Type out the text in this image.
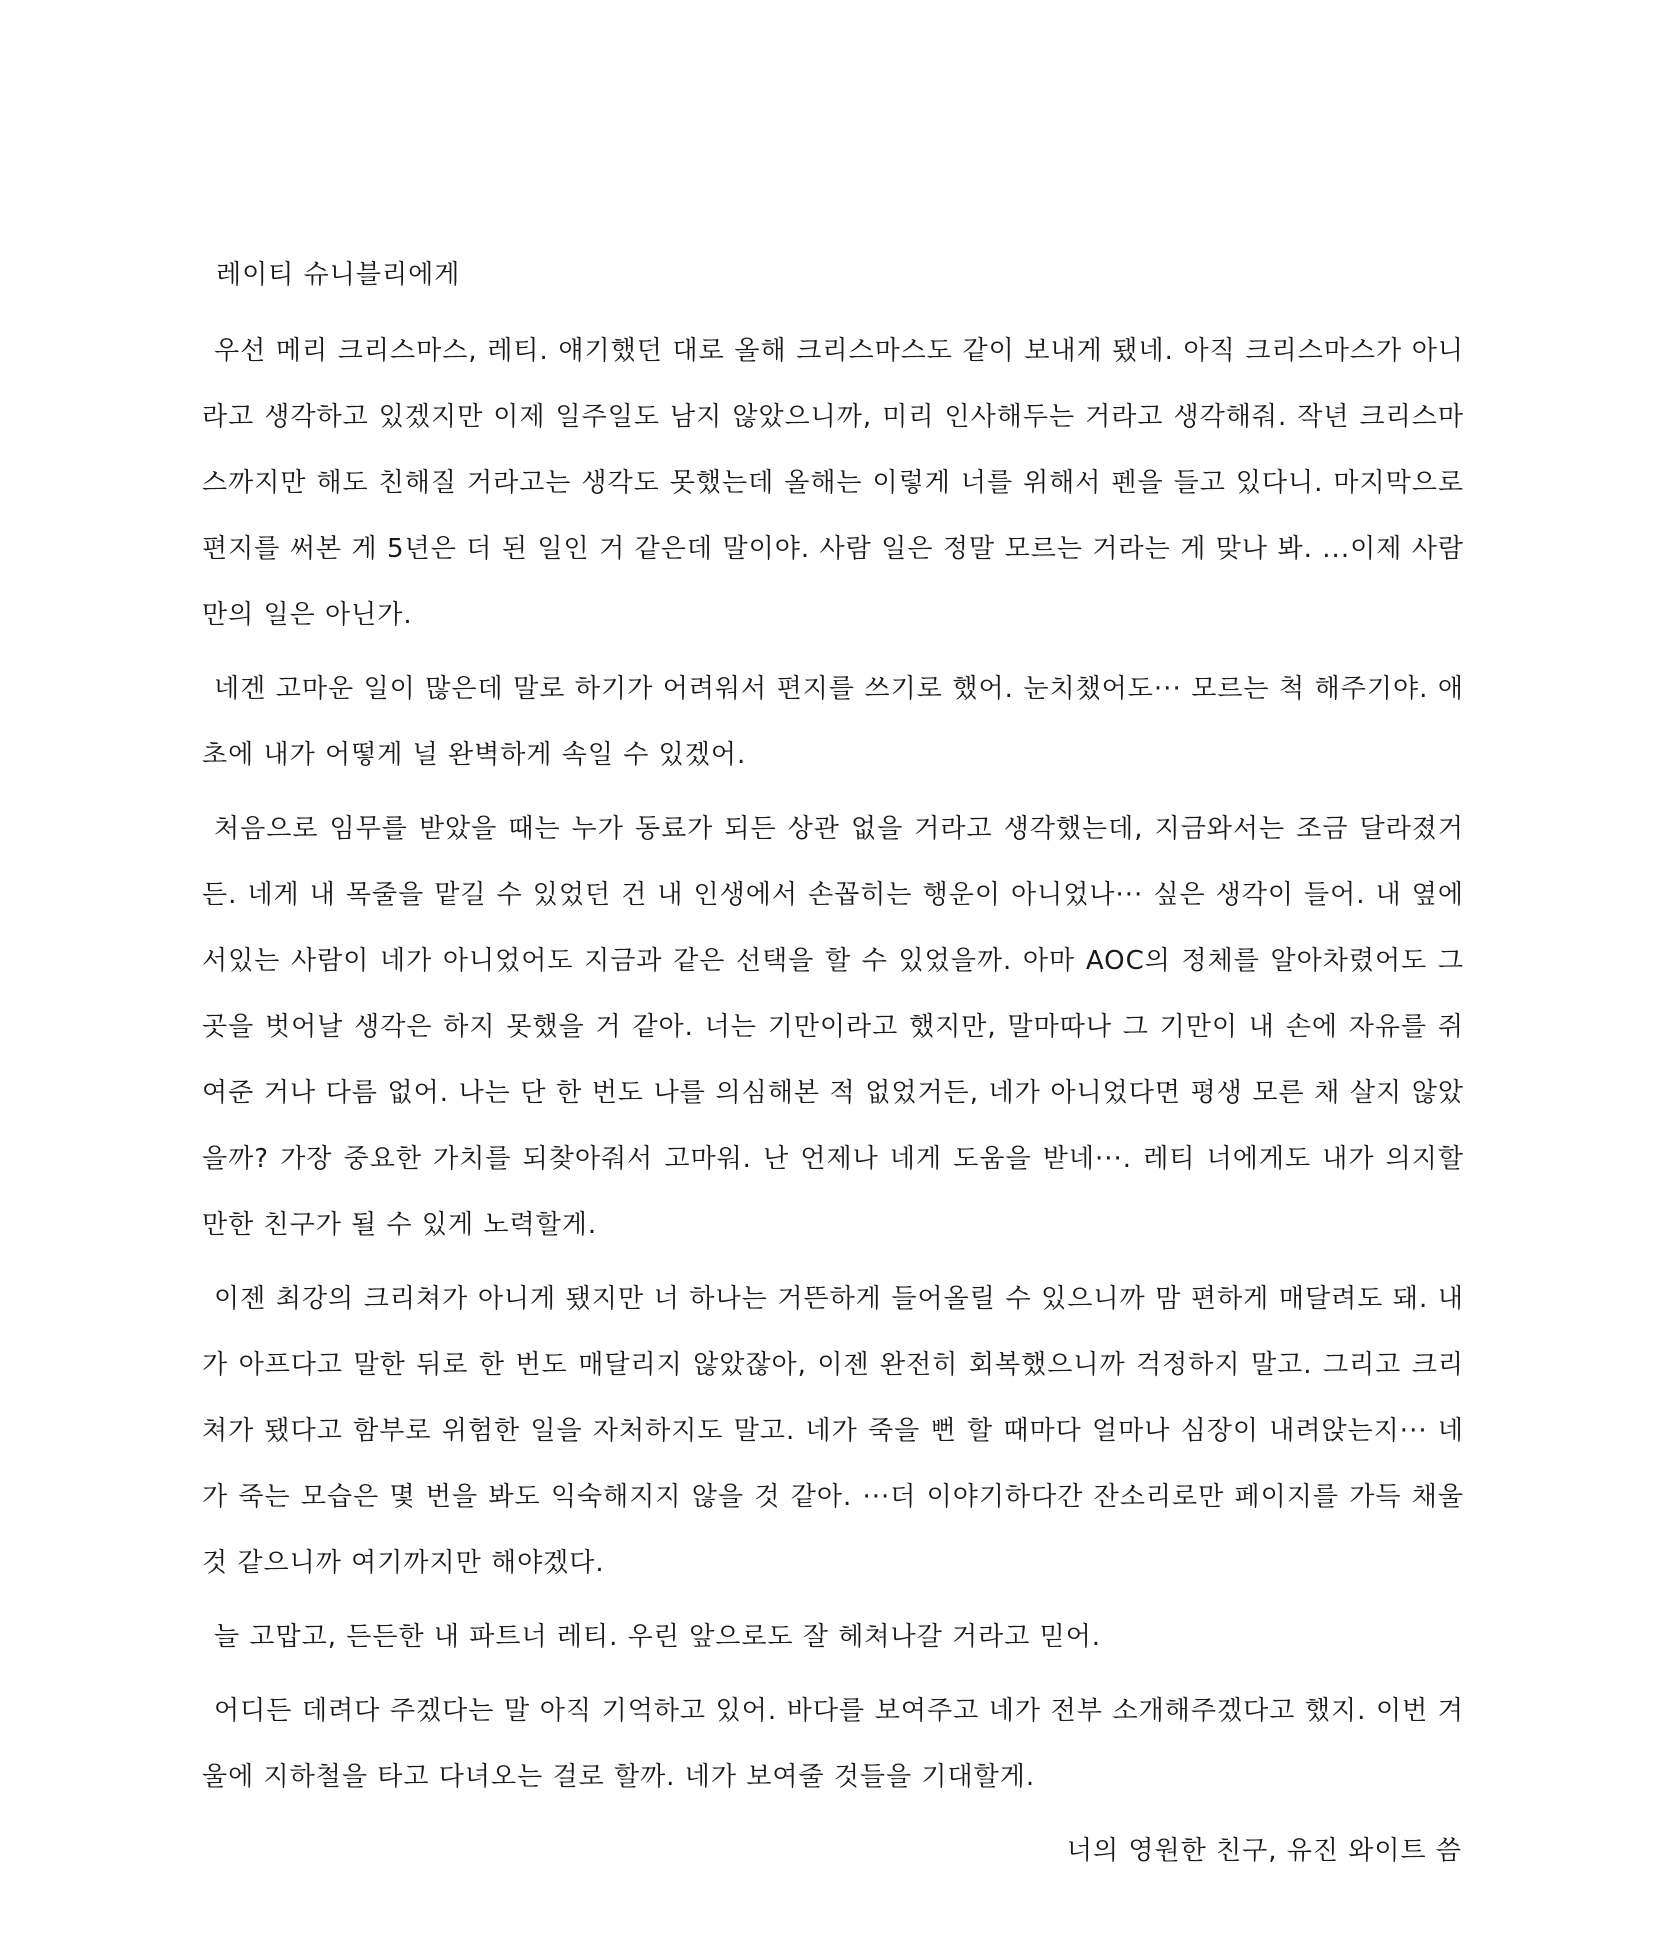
레이티 슈니블리에게

우선 메리 크리스마스, 레티. 얘기했던 대로 올해 크리스마스도 같이 보내게 됐네. 아직 크리스마스가 아니라고 생각하고 있겠지만 이제 일주일도 남지 않았으니까, 미리 인사해두는 거라고 생각해줘. 작년 크리스마스까지만 해도 친해질 거라고는 생각도 못했는데 올해는 이렇게 너를 위해서 펜을 들고 있다니. 마지막으로 편지를 써본 게 5년은 더 된 일인 거 같은데 말이야. 사람 일은 정말 모르는 거라는 게 맞나 봐. ...이제 사람만의 일은 아닌가.

네겐 고마운 일이 많은데 말로 하기가 어려워서 편지를 쓰기로 했어. 눈치챘어도··· 모르는 척 해주기야. 애초에 내가 어떻게 널 완벽하게 속일 수 있겠어.

처음으로 임무를 받았을 때는 누가 동료가 되든 상관 없을 거라고 생각했는데, 지금와서는 조금 달라졌거든. 네게 내 목줄을 맡길 수 있었던 건 내 인생에서 손꼽히는 행운이 아니었나··· 싶은 생각이 들어. 내 옆에 서있는 사람이 네가 아니었어도 지금과 같은 선택을 할 수 있었을까. 아마 AOC의 정체를 알아차렸어도 그곳을 벗어날 생각은 하지 못했을 거 같아. 너는 기만이라고 했지만, 말마따나 그 기만이 내 손에 자유를 쥐여준 거나 다름 없어. 나는 단 한 번도 나를 의심해본 적 없었거든, 네가 아니었다면 평생 모른 채 살지 않았을까? 가장 중요한 가치를 되찾아줘서 고마워. 난 언제나 네게 도움을 받네···. 레티 너에게도 내가 의지할 만한 친구가 될 수 있게 노력할게.

이젠 최강의 크리쳐가 아니게 됐지만 너 하나는 거뜬하게 들어올릴 수 있으니까 맘 편하게 매달려도 돼. 내가 아프다고 말한 뒤로 한 번도 매달리지 않았잖아, 이젠 완전히 회복했으니까 걱정하지 말고. 그리고 크리쳐가 됐다고 함부로 위험한 일을 자처하지도 말고. 네가 죽을 뻔 할 때마다 얼마나 심장이 내려앉는지··· 네가 죽는 모습은 몇 번을 봐도 익숙해지지 않을 것 같아. ···더 이야기하다간 잔소리로만 페이지를 가득 채울 것 같으니까 여기까지만 해야겠다.

늘 고맙고, 든든한 내 파트너 레티. 우린 앞으로도 잘 헤쳐나갈 거라고 믿어.

어디든 데려다 주겠다는 말 아직 기억하고 있어. 바다를 보여주고 네가 전부 소개해주겠다고 했지. 이번 겨울에 지하철을 타고 다녀오는 걸로 할까. 네가 보여줄 것들을 기대할게.

너의 영원한 친구, 유진 와이트 씀
